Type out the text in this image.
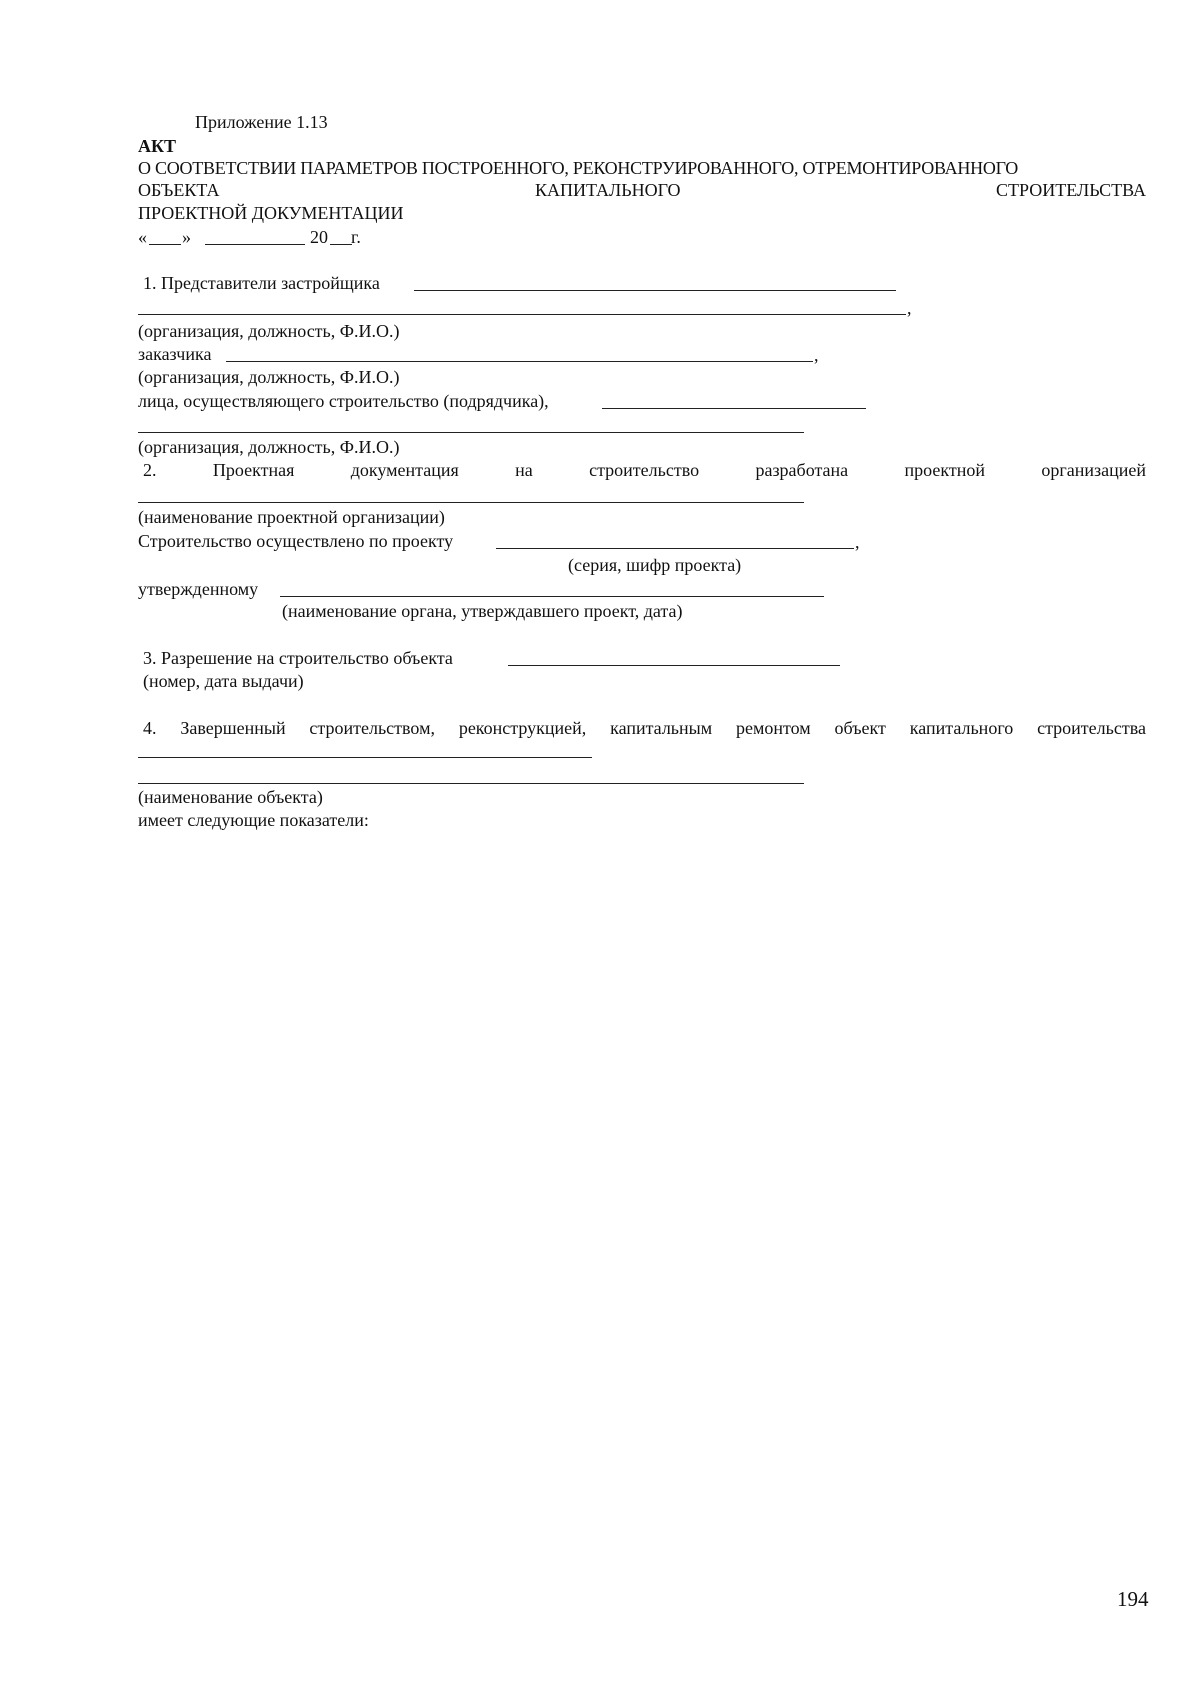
Приложение 1.13
АКТ
О СООТВЕТСТВИИ ПАРАМЕТРОВ ПОСТРОЕННОГО, РЕКОНСТРУИРОВАННОГО, ОТРЕМОНТИРОВАННОГО
ОБЪЕКТА	КАПИТАЛЬНОГО	СТРОИТЕЛЬСТВА
ПРОЕКТНОЙ ДОКУМЕНТАЦИИ
« »	20 г.
1. Представители застройщика
,
(организация, должность, Ф.И.О.)
заказчика	,
(организация, должность, Ф.И.О.)
лица, осуществляющего строительство (подрядчика),
(организация, должность, Ф.И.О.)
2.	Проектная	документация	на	строительство	разработана	проектной	организацией
(наименование проектной организации)
Строительство осуществлено по проекту	,
(серия, шифр проекта)
утвержденному
(наименование органа, утверждавшего проект, дата)
3. Разрешение на строительство объекта
(номер, дата выдачи)
4. Завершенный строительством, реконструкцией, капитальным ремонтом объект капитального строительства
(наименование объекта)
имеет следующие показатели:
194
